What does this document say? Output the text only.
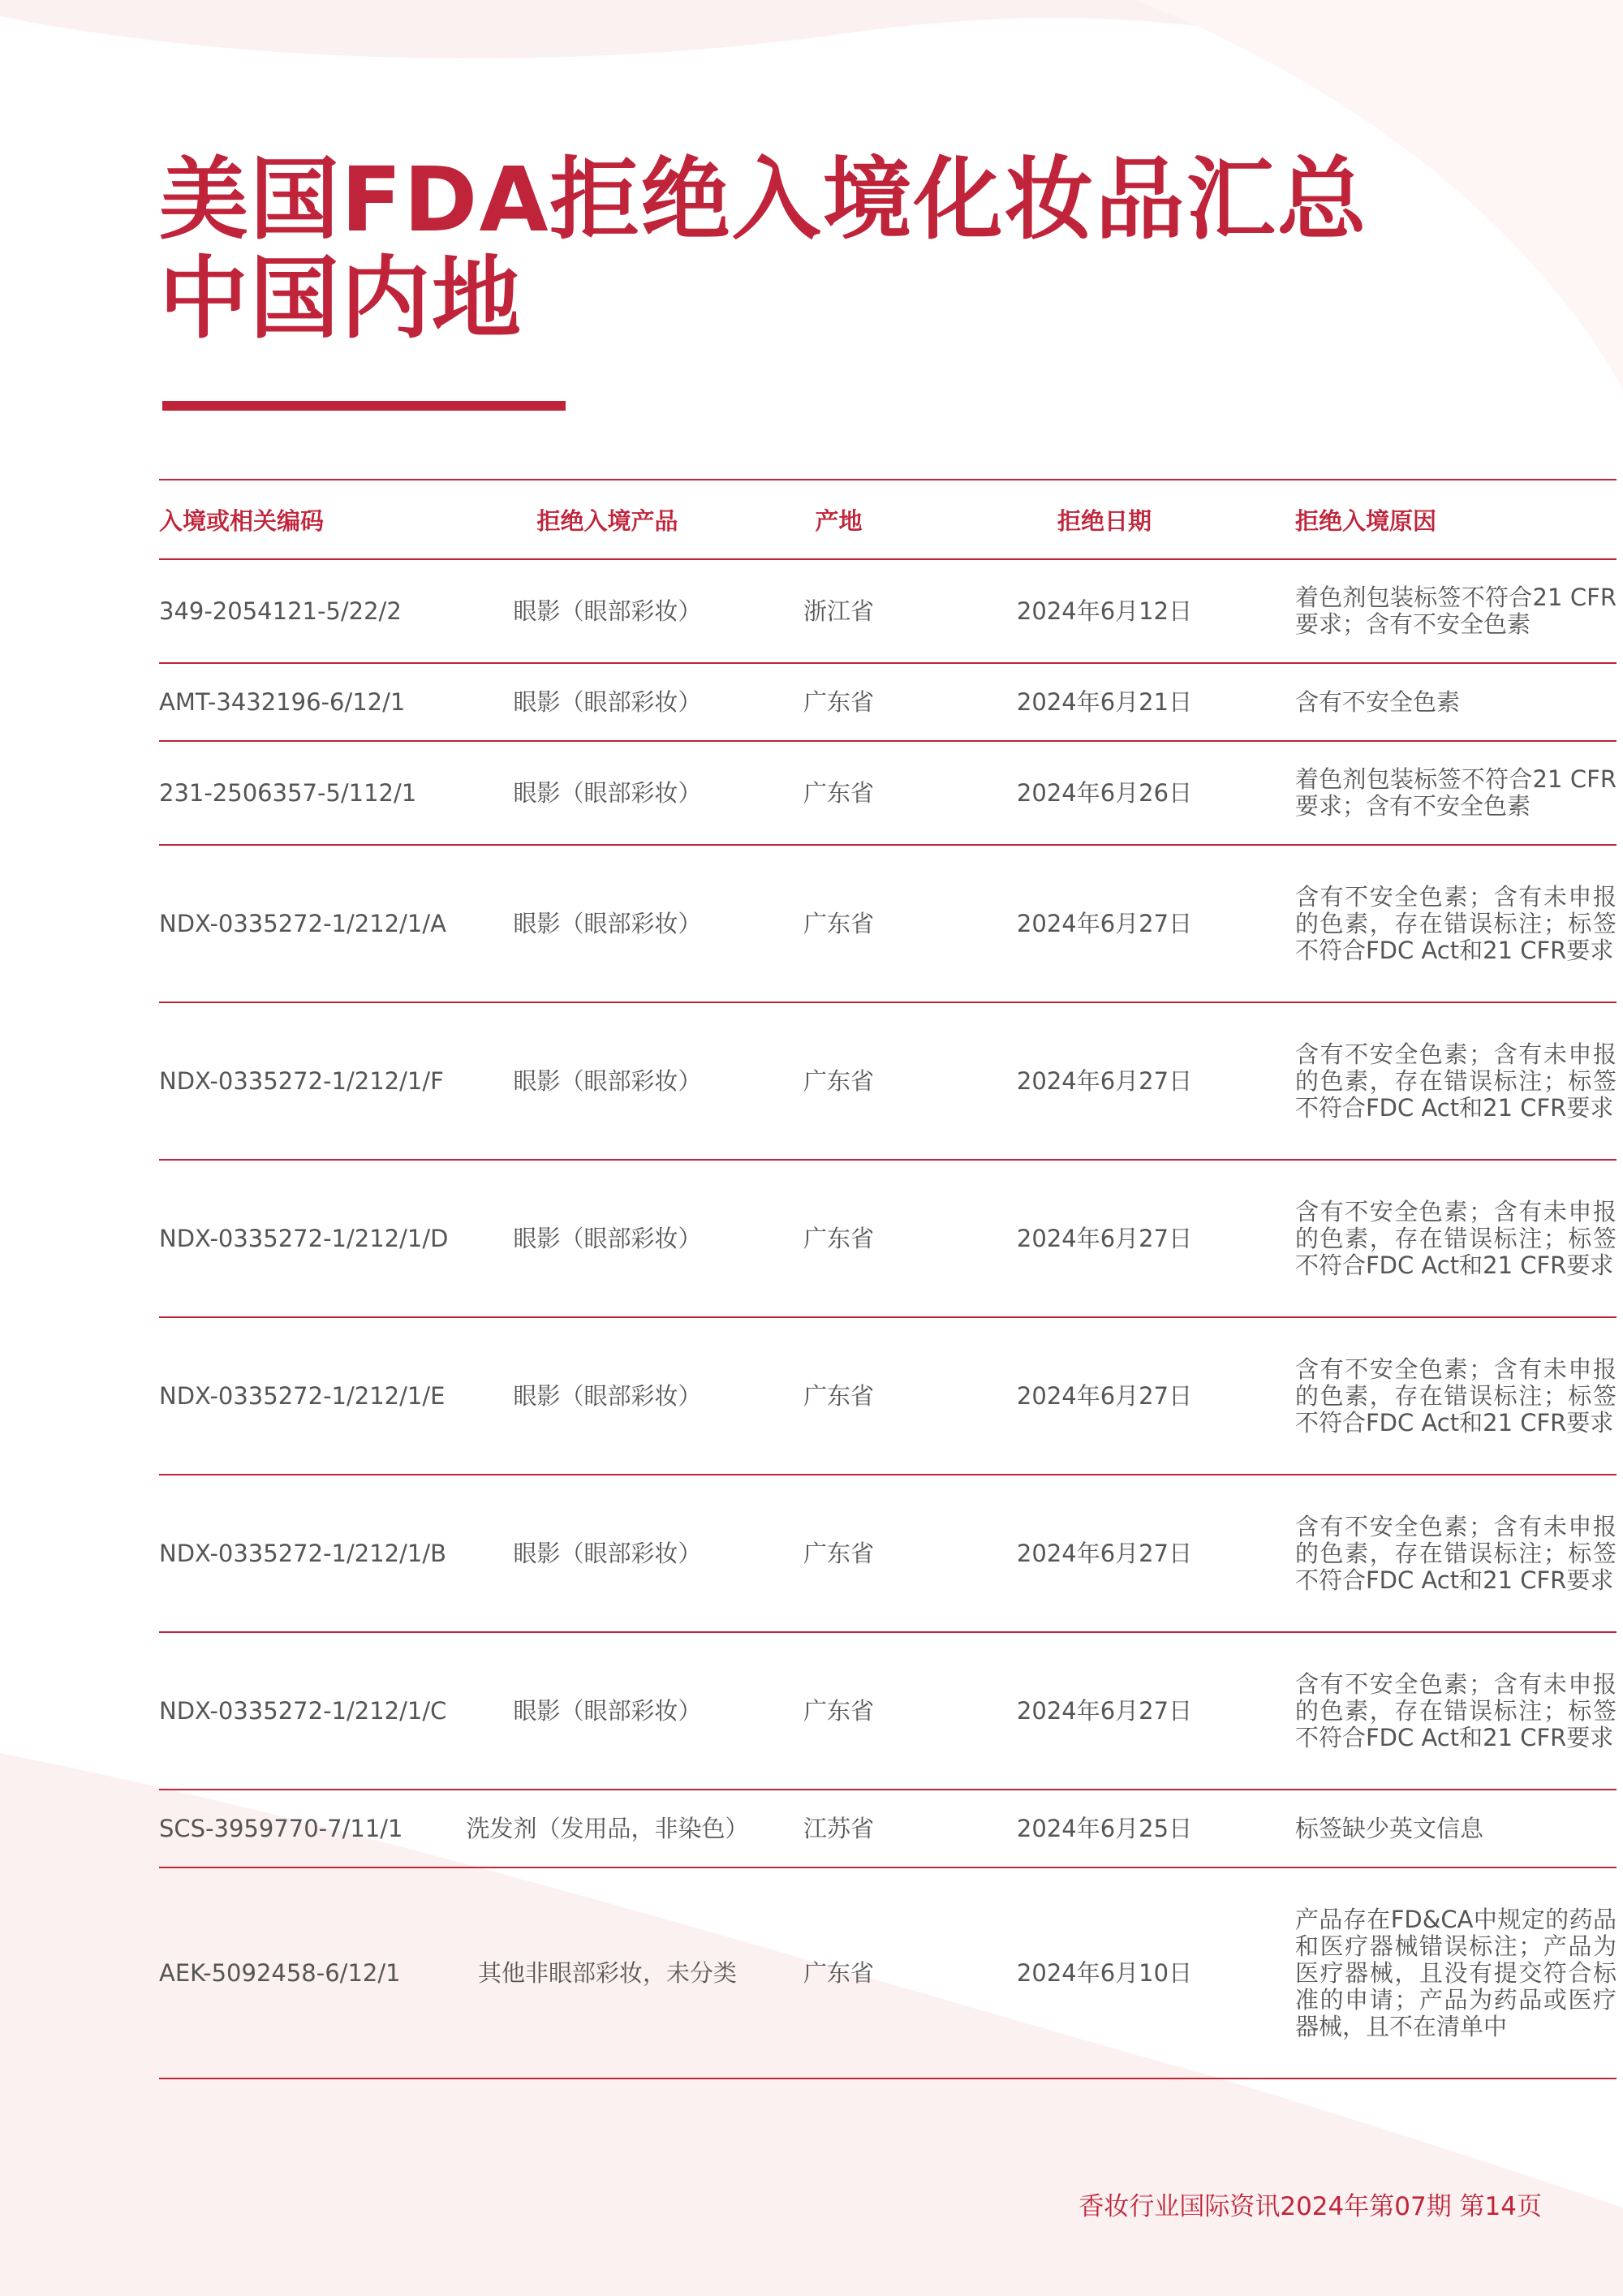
美国FDA拒绝入境化妆品汇总
中国内地
入境或相关编码	拒绝入境产品	产地	拒绝日期	拒绝入境原因
349-2054121-5/22/2	眼影（眼部彩妆）	浙江省	2024年6月12日	着色剂包装标签不符合21 CFR要求；含有不安全色素
AMT-3432196-6/12/1	眼影（眼部彩妆）	广东省	2024年6月21日	含有不安全色素
231-2506357-5/112/1	眼影（眼部彩妆）	广东省	2024年6月26日	着色剂包装标签不符合21 CFR要求；含有不安全色素
NDX-0335272-1/212/1/A	眼影（眼部彩妆）	广东省	2024年6月27日	含有不安全色素；含有未申报的色素，存在错误标注；标签不符合FDC Act和21 CFR要求
NDX-0335272-1/212/1/F	眼影（眼部彩妆）	广东省	2024年6月27日	含有不安全色素；含有未申报的色素，存在错误标注；标签不符合FDC Act和21 CFR要求
NDX-0335272-1/212/1/D	眼影（眼部彩妆）	广东省	2024年6月27日	含有不安全色素；含有未申报的色素，存在错误标注；标签不符合FDC Act和21 CFR要求
NDX-0335272-1/212/1/E	眼影（眼部彩妆）	广东省	2024年6月27日	含有不安全色素；含有未申报的色素，存在错误标注；标签不符合FDC Act和21 CFR要求
NDX-0335272-1/212/1/B	眼影（眼部彩妆）	广东省	2024年6月27日	含有不安全色素；含有未申报的色素，存在错误标注；标签不符合FDC Act和21 CFR要求
NDX-0335272-1/212/1/C	眼影（眼部彩妆）	广东省	2024年6月27日	含有不安全色素；含有未申报的色素，存在错误标注；标签不符合FDC Act和21 CFR要求
SCS-3959770-7/11/1	洗发剂（发用品，非染色）	江苏省	2024年6月25日	标签缺少英文信息
AEK-5092458-6/12/1	其他非眼部彩妆，未分类	广东省	2024年6月10日	产品存在FD&CA中规定的药品和医疗器械错误标注；产品为医疗器械，且没有提交符合标准的申请；产品为药品或医疗器械，且不在清单中
香妆行业国际资讯2024年第07期 第14页
